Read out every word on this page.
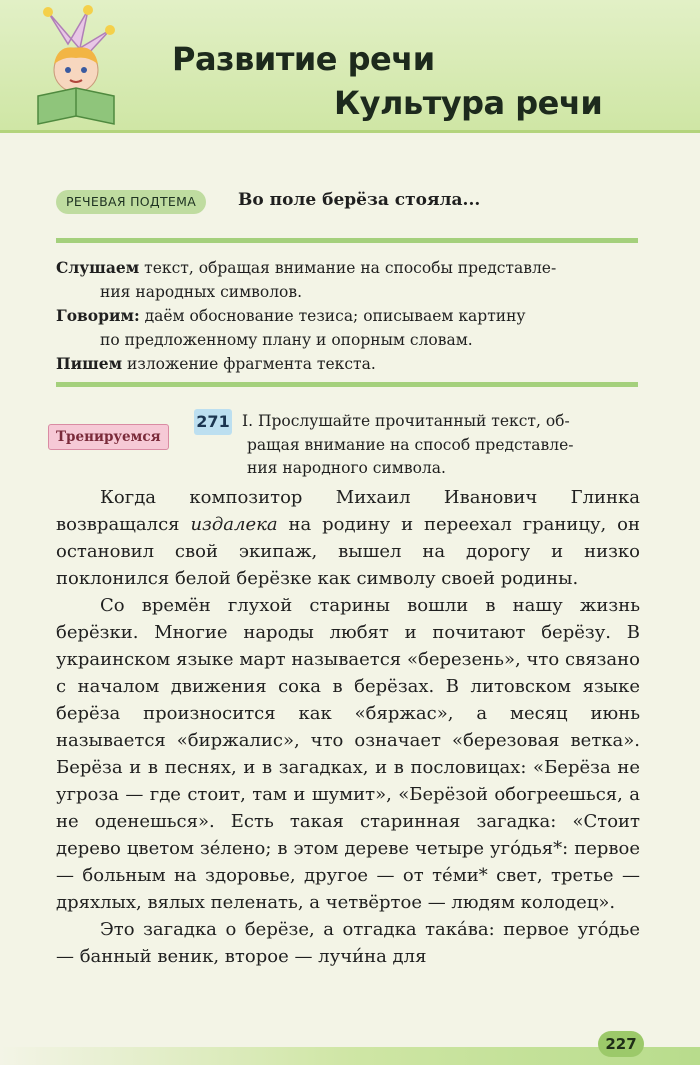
Развитие речи
Культура речи
РЕЧЕВАЯ ПОДТЕМА	Во поле берёза стояла...

Слушаем текст, обращая внимание на способы представле-

ния народных символов.

Говорим: даём обоснование тезиса; описываем картину

по предложенному плану и опорным словам.

Пишем изложение фрагмента текста.

Тренируемся
271 I. Прослушайте прочитанный текст, об-

ращая внимание на способ представле-

ния народного символа.

Когда композитор Михаил Иванович Глинка возвращался издалека на родину и переехал границу, он остановил свой экипаж, вышел на дорогу и низко поклонился белой берёзке как символу своей родины.

Со времён глухой старины вошли в нашу жизнь берёзки. Многие народы любят и почитают берёзу. В украинском языке март называется «березень», что связано с началом движения сока в берёзах. В литовском языке берёза произносится как «бяржас», а месяц июнь называется «биржалис», что означает «березовая ветка». Берёза и в песнях, и в загадках, и в пословицах: «Берёза не угроза — где стоит, там и шумит», «Берёзой обогреешься, а не оденешься». Есть такая старинная загадка: «Стоит дерево цветом зе́лено; в этом дереве четыре уго́дья*: первое — больным на здоровье, другое — от те́ми* свет, третье — дряхлых, вялых пеленать, а четвёртое — людям колодец».

Это загадка о берёзе, а отгадка така́ва: первое уго́дье — банный веник, второе — лучи́на для

227
